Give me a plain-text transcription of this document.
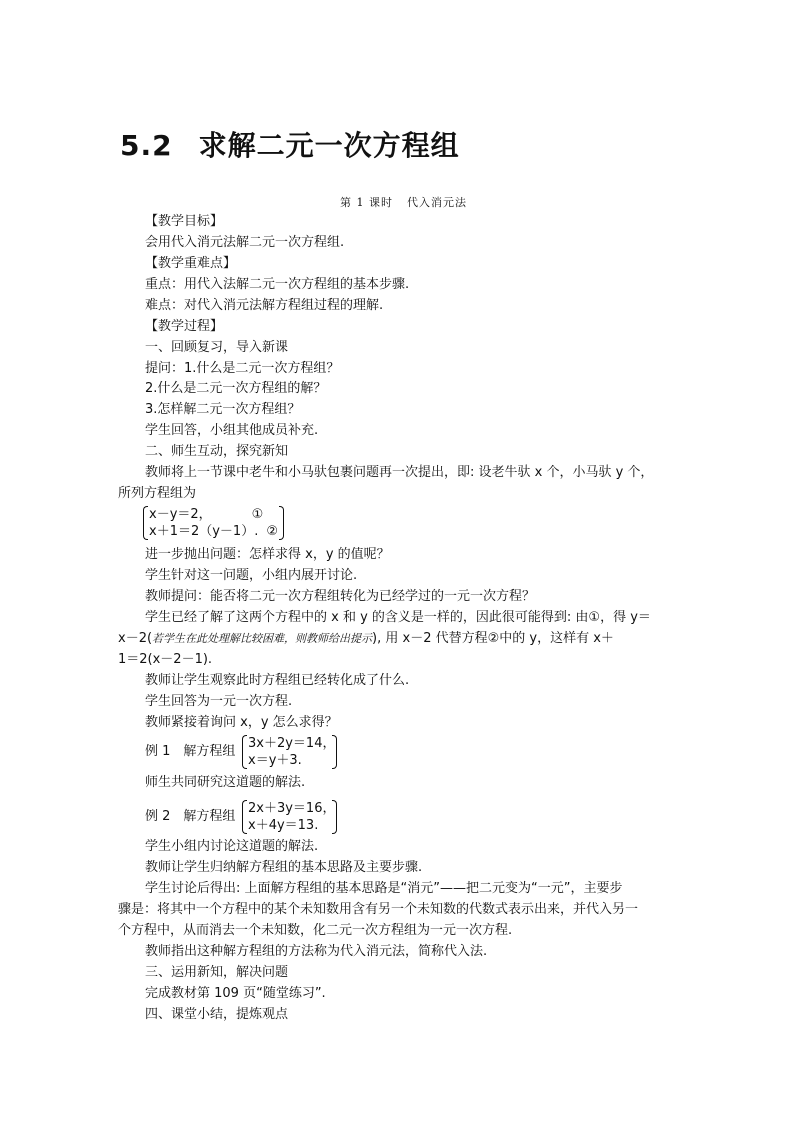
5.2 求解二元一次方程组
第 1 课时 代入消元法
【教学目标】
会用代入消元法解二元一次方程组.
【教学重难点】
重点：用代入法解二元一次方程组的基本步骤.
难点：对代入消元法解方程组过程的理解.
【教学过程】
一、回顾复习，导入新课
提问：1.什么是二元一次方程组？
2.什么是二元一次方程组的解？
3.怎样解二元一次方程组？
学生回答，小组其他成员补充.
二、师生互动，探究新知
教师将上一节课中老牛和小马驮包裹问题再一次提出，即: 设老牛驮 x 个，小马驮 y 个，
所列方程组为
x－y＝2，	①
x＋1＝2（y－1）. ②
进一步抛出问题：怎样求得 x，y 的值呢？
学生针对这一问题，小组内展开讨论.
教师提问：能否将二元一次方程组转化为已经学过的一元一次方程？
学生已经了解了这两个方程中的 x 和 y 的含义是一样的，因此很可能得到: 由①，得 y＝
x－2(若学生在此处理解比较困难，则教师给出提示), 用 x－2 代替方程②中的 y，这样有 x＋
1＝2(x－2－1).
教师让学生观察此时方程组已经转化成了什么.
学生回答为一元一次方程.
教师紧接着询问 x，y 怎么求得？
例 1　解方程组
3x＋2y＝14，
x＝y＋3.
师生共同研究这道题的解法.
例 2　解方程组
2x＋3y＝16，
x＋4y＝13.
学生小组内讨论这道题的解法.
教师让学生归纳解方程组的基本思路及主要步骤.
学生讨论后得出: 上面解方程组的基本思路是“消元”——把二元变为“一元”，主要步
骤是：将其中一个方程中的某个未知数用含有另一个未知数的代数式表示出来，并代入另一
个方程中，从而消去一个未知数，化二元一次方程组为一元一次方程.
教师指出这种解方程组的方法称为代入消元法，简称代入法.
三、运用新知，解决问题
完成教材第 109 页“随堂练习”.
四、课堂小结，提炼观点
